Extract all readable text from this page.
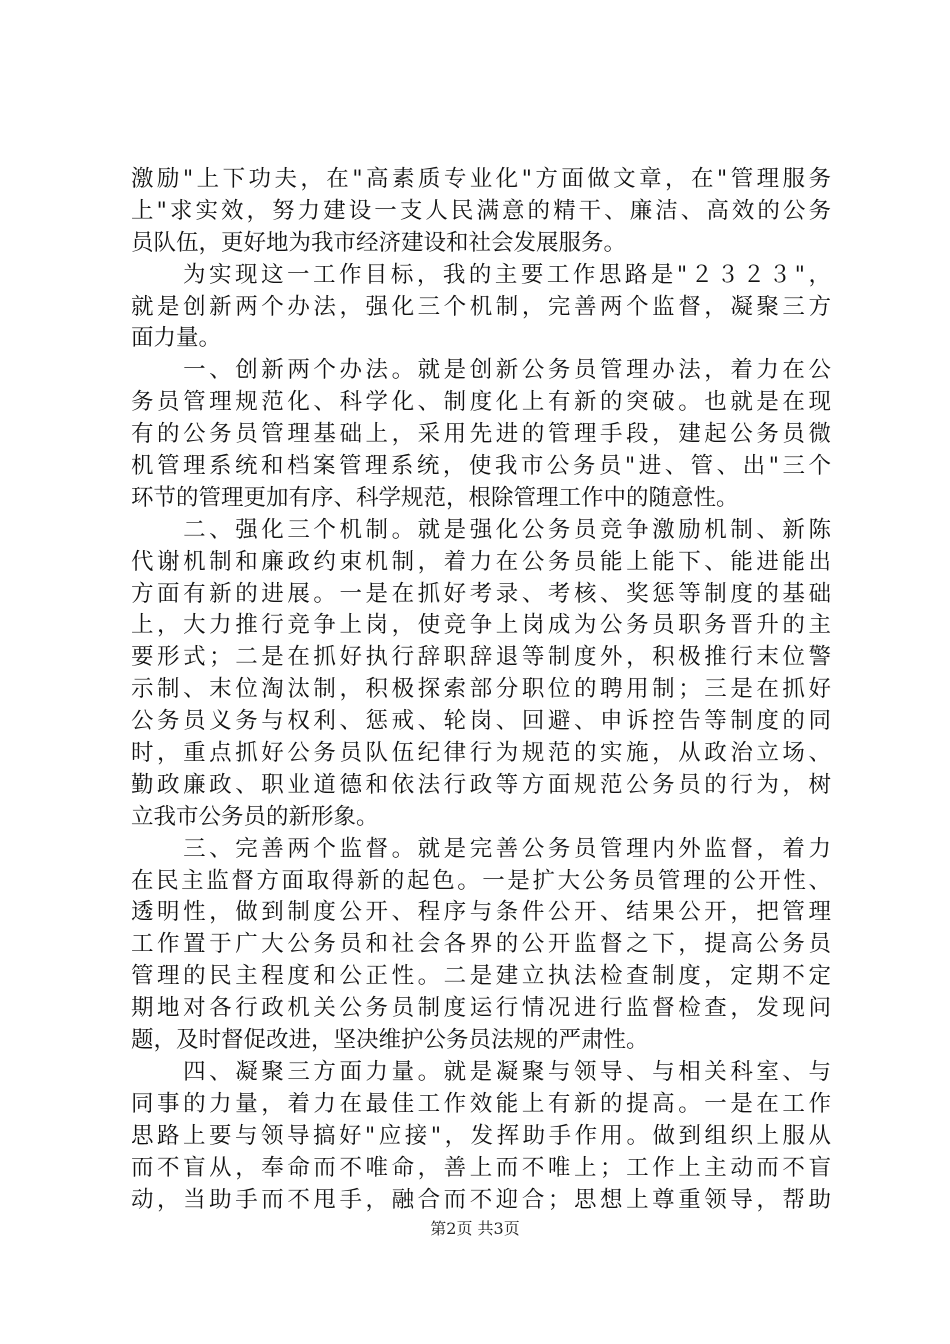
激励"上下功夫，在"高素质专业化"方面做文章，在"管理服务
上"求实效，努力建设一支人民满意的精干、廉洁、高效的公务
员队伍，更好地为我市经济建设和社会发展服务。
　　为实现这一工作目标，我的主要工作思路是"２３２３"，
就是创新两个办法，强化三个机制，完善两个监督，凝聚三方
面力量。
　　一、创新两个办法。就是创新公务员管理办法，着力在公
务员管理规范化、科学化、制度化上有新的突破。也就是在现
有的公务员管理基础上，采用先进的管理手段，建起公务员微
机管理系统和档案管理系统，使我市公务员"进、管、出"三个
环节的管理更加有序、科学规范，根除管理工作中的随意性。
　　二、强化三个机制。就是强化公务员竞争激励机制、新陈
代谢机制和廉政约束机制，着力在公务员能上能下、能进能出
方面有新的进展。一是在抓好考录、考核、奖惩等制度的基础
上，大力推行竞争上岗，使竞争上岗成为公务员职务晋升的主
要形式；二是在抓好执行辞职辞退等制度外，积极推行末位警
示制、末位淘汰制，积极探索部分职位的聘用制；三是在抓好
公务员义务与权利、惩戒、轮岗、回避、申诉控告等制度的同
时，重点抓好公务员队伍纪律行为规范的实施，从政治立场、
勤政廉政、职业道德和依法行政等方面规范公务员的行为，树
立我市公务员的新形象。
　　三、完善两个监督。就是完善公务员管理内外监督，着力
在民主监督方面取得新的起色。一是扩大公务员管理的公开性、
透明性，做到制度公开、程序与条件公开、结果公开，把管理
工作置于广大公务员和社会各界的公开监督之下，提高公务员
管理的民主程度和公正性。二是建立执法检查制度，定期不定
期地对各行政机关公务员制度运行情况进行监督检查，发现问
题，及时督促改进，坚决维护公务员法规的严肃性。
　　四、凝聚三方面力量。就是凝聚与领导、与相关科室、与
同事的力量，着力在最佳工作效能上有新的提高。一是在工作
思路上要与领导搞好"应接"，发挥助手作用。做到组织上服从
而不盲从，奉命而不唯命，善上而不唯上；工作上主动而不盲
动，当助手而不甩手，融合而不迎合；思想上尊重领导，帮助
第2页 共3页
